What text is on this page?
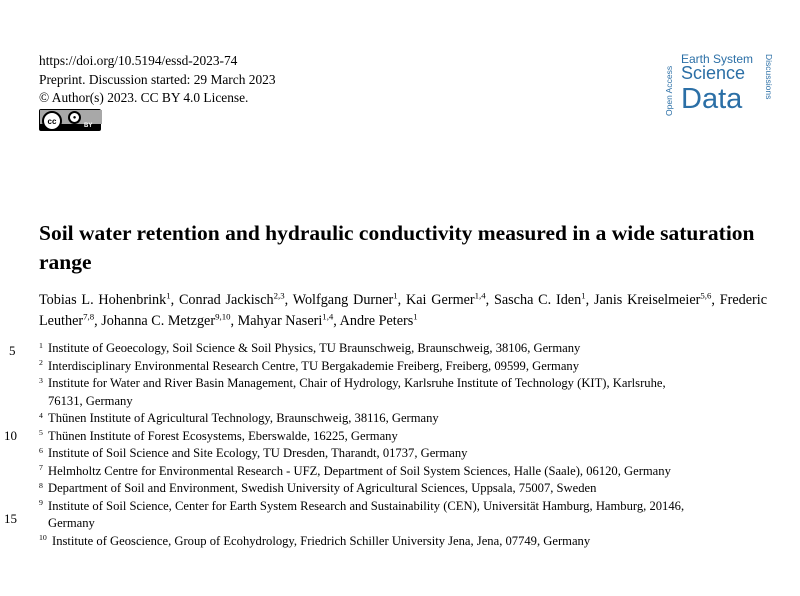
https://doi.org/10.5194/essd-2023-74
Preprint. Discussion started: 29 March 2023
© Author(s) 2023. CC BY 4.0 License.
cc	●
BY
Open Access
Earth System
Science
Data	Discussions
Soil water retention and hydraulic conductivity measured in a wide saturation range

Tobias L. Hohenbrink$^1$, Conrad Jackisch$^{2,3}$, Wolfgang Durner$^1$, Kai Germer$^{1,4}$, Sascha C. Iden$^1$, Janis Kreiselmeier$^{5,6}$, Frederic Leuther$^{7,8}$, Johanna C. Metzger$^{9,10}$, Mahyar Naseri$^{1,4}$, Andre Peters$^1$

5
10
15
1 Institute of Geoecology, Soil Science & Soil Physics, TU Braunschweig, Braunschweig, 38106, Germany
2 Interdisciplinary Environmental Research Centre, TU Bergakademie Freiberg, Freiberg, 09599, Germany
3 Institute for Water and River Basin Management, Chair of Hydrology, Karlsruhe Institute of Technology (KIT), Karlsruhe,
76131, Germany
4 Thünen Institute of Agricultural Technology, Braunschweig, 38116, Germany
5 Thünen Institute of Forest Ecosystems, Eberswalde, 16225, Germany
6 Institute of Soil Science and Site Ecology, TU Dresden, Tharandt, 01737, Germany
7 Helmholtz Centre for Environmental Research - UFZ, Department of Soil System Sciences, Halle (Saale), 06120, Germany
8 Department of Soil and Environment, Swedish University of Agricultural Sciences, Uppsala, 75007, Sweden
9 Institute of Soil Science, Center for Earth System Research and Sustainability (CEN), Universität Hamburg, Hamburg, 20146,
Germany
10 Institute of Geoscience, Group of Ecohydrology, Friedrich Schiller University Jena, Jena, 07749, Germany
